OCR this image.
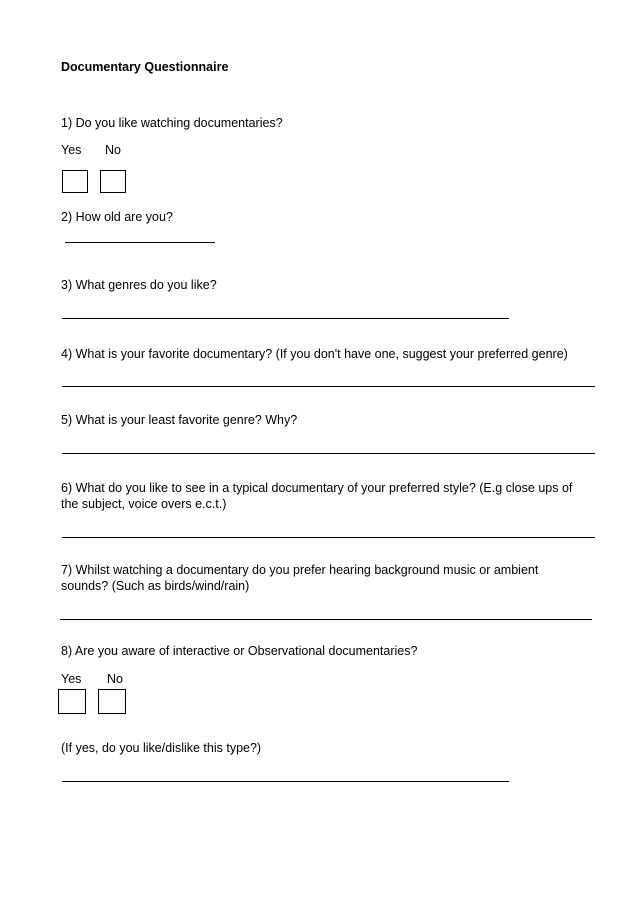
Documentary Questionnaire
1) Do you like watching documentaries?
Yes No
2) How old are you?
3) What genres do you like?
4) What is your favorite documentary? (If you don't have one, suggest your preferred genre)
5) What is your least favorite genre? Why?
6) What do you like to see in a typical documentary of your preferred style? (E.g close ups of the subject, voice overs e.c.t.)
7) Whilst watching a documentary do you prefer hearing background music or ambient sounds? (Such as birds/wind/rain)
8) Are you aware of interactive or Observational documentaries?
Yes No
(If yes, do you like/dislike this type?)
